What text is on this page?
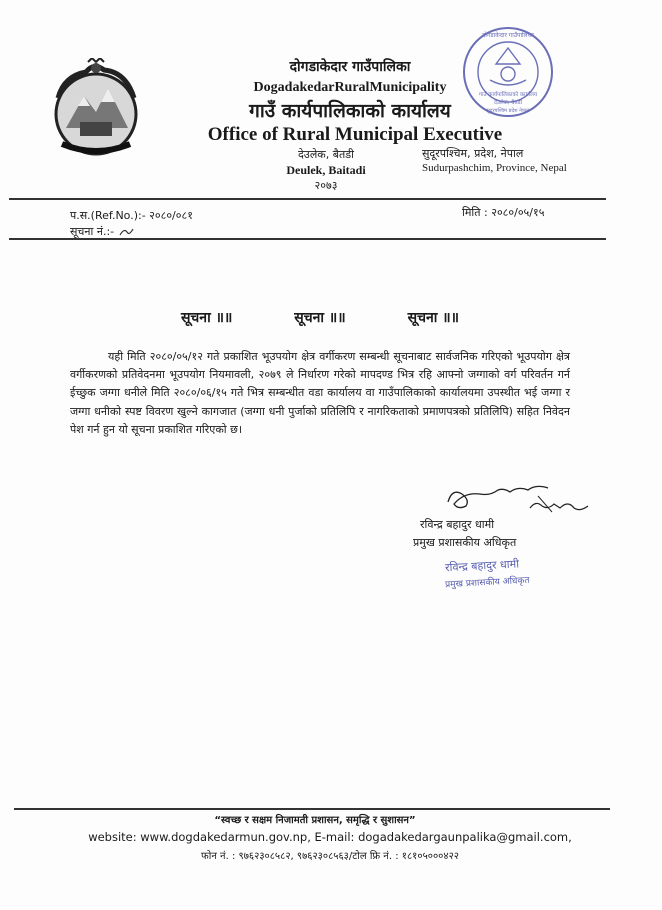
दोगडाकेदार गाउँपालिका
गाउँ कार्यपालिकाको कार्यालय
देउलेक, बैतडी
सुदूरपश्चिम प्रदेश नेपाल
दोगडाकेदार गाउँपालिका
DogadakedarRuralMunicipality
गाउँ कार्यपालिकाको कार्यालय
Office of Rural Municipal Executive
देउलेक, बैतडी
Deulek, Baitadi
२०७३
सुदूरपश्चिम, प्रदेश, नेपाल
Sudurpashchim, Province, Nepal
प.स.(Ref.No.):- २०८०/०८१	मिति : २०८०/०५/१५
सूचना नं.:-
सूचना ॥॥	सूचना ॥॥	सूचना ॥॥
यही मिति २०८०/०५/१२ गते प्रकाशित भूउपयोग क्षेत्र वर्गीकरण सम्बन्धी सूचनाबाट सार्वजनिक गरिएको भूउपयोग क्षेत्र वर्गीकरणको प्रतिवेदनमा भूउपयोग नियमावली, २०७९ ले निर्धारण गरेको मापदण्ड भित्र रहि आफ्नो जग्गाको वर्ग परिवर्तन गर्न ईच्छुक जग्गा धनीले मिति २०८०/०६/१५ गते भित्र सम्बन्धीत वडा कार्यालय वा गाउँपालिकाको कार्यालयमा उपस्थीत भई जग्गा र जग्गा धनीको स्पष्ट विवरण खुल्ने कागजात (जग्गा धनी पुर्जाको प्रतिलिपि र नागरिकताको प्रमाणपत्रको प्रतिलिपि) सहित निवेदन पेश गर्न हुन यो सूचना प्रकाशित गरिएको छ।
रविन्द्र बहादुर धामी
प्रमुख प्रशासकीय अधिकृत
रविन्द्र बहादुर धामी
प्रमुख प्रशासकीय अधिकृत
“स्वच्छ र सक्षम निजामती प्रशासन, समृद्धि र सुशासन”
website: www.dogdakedarmun.gov.np, E-mail: dogadakedargaunpalika@gmail.com,
फोन नं. : ९७६२३०८५८२, ९७६२३०८५६३/टोल फ्रि नं. : १८१०५०००४२२
